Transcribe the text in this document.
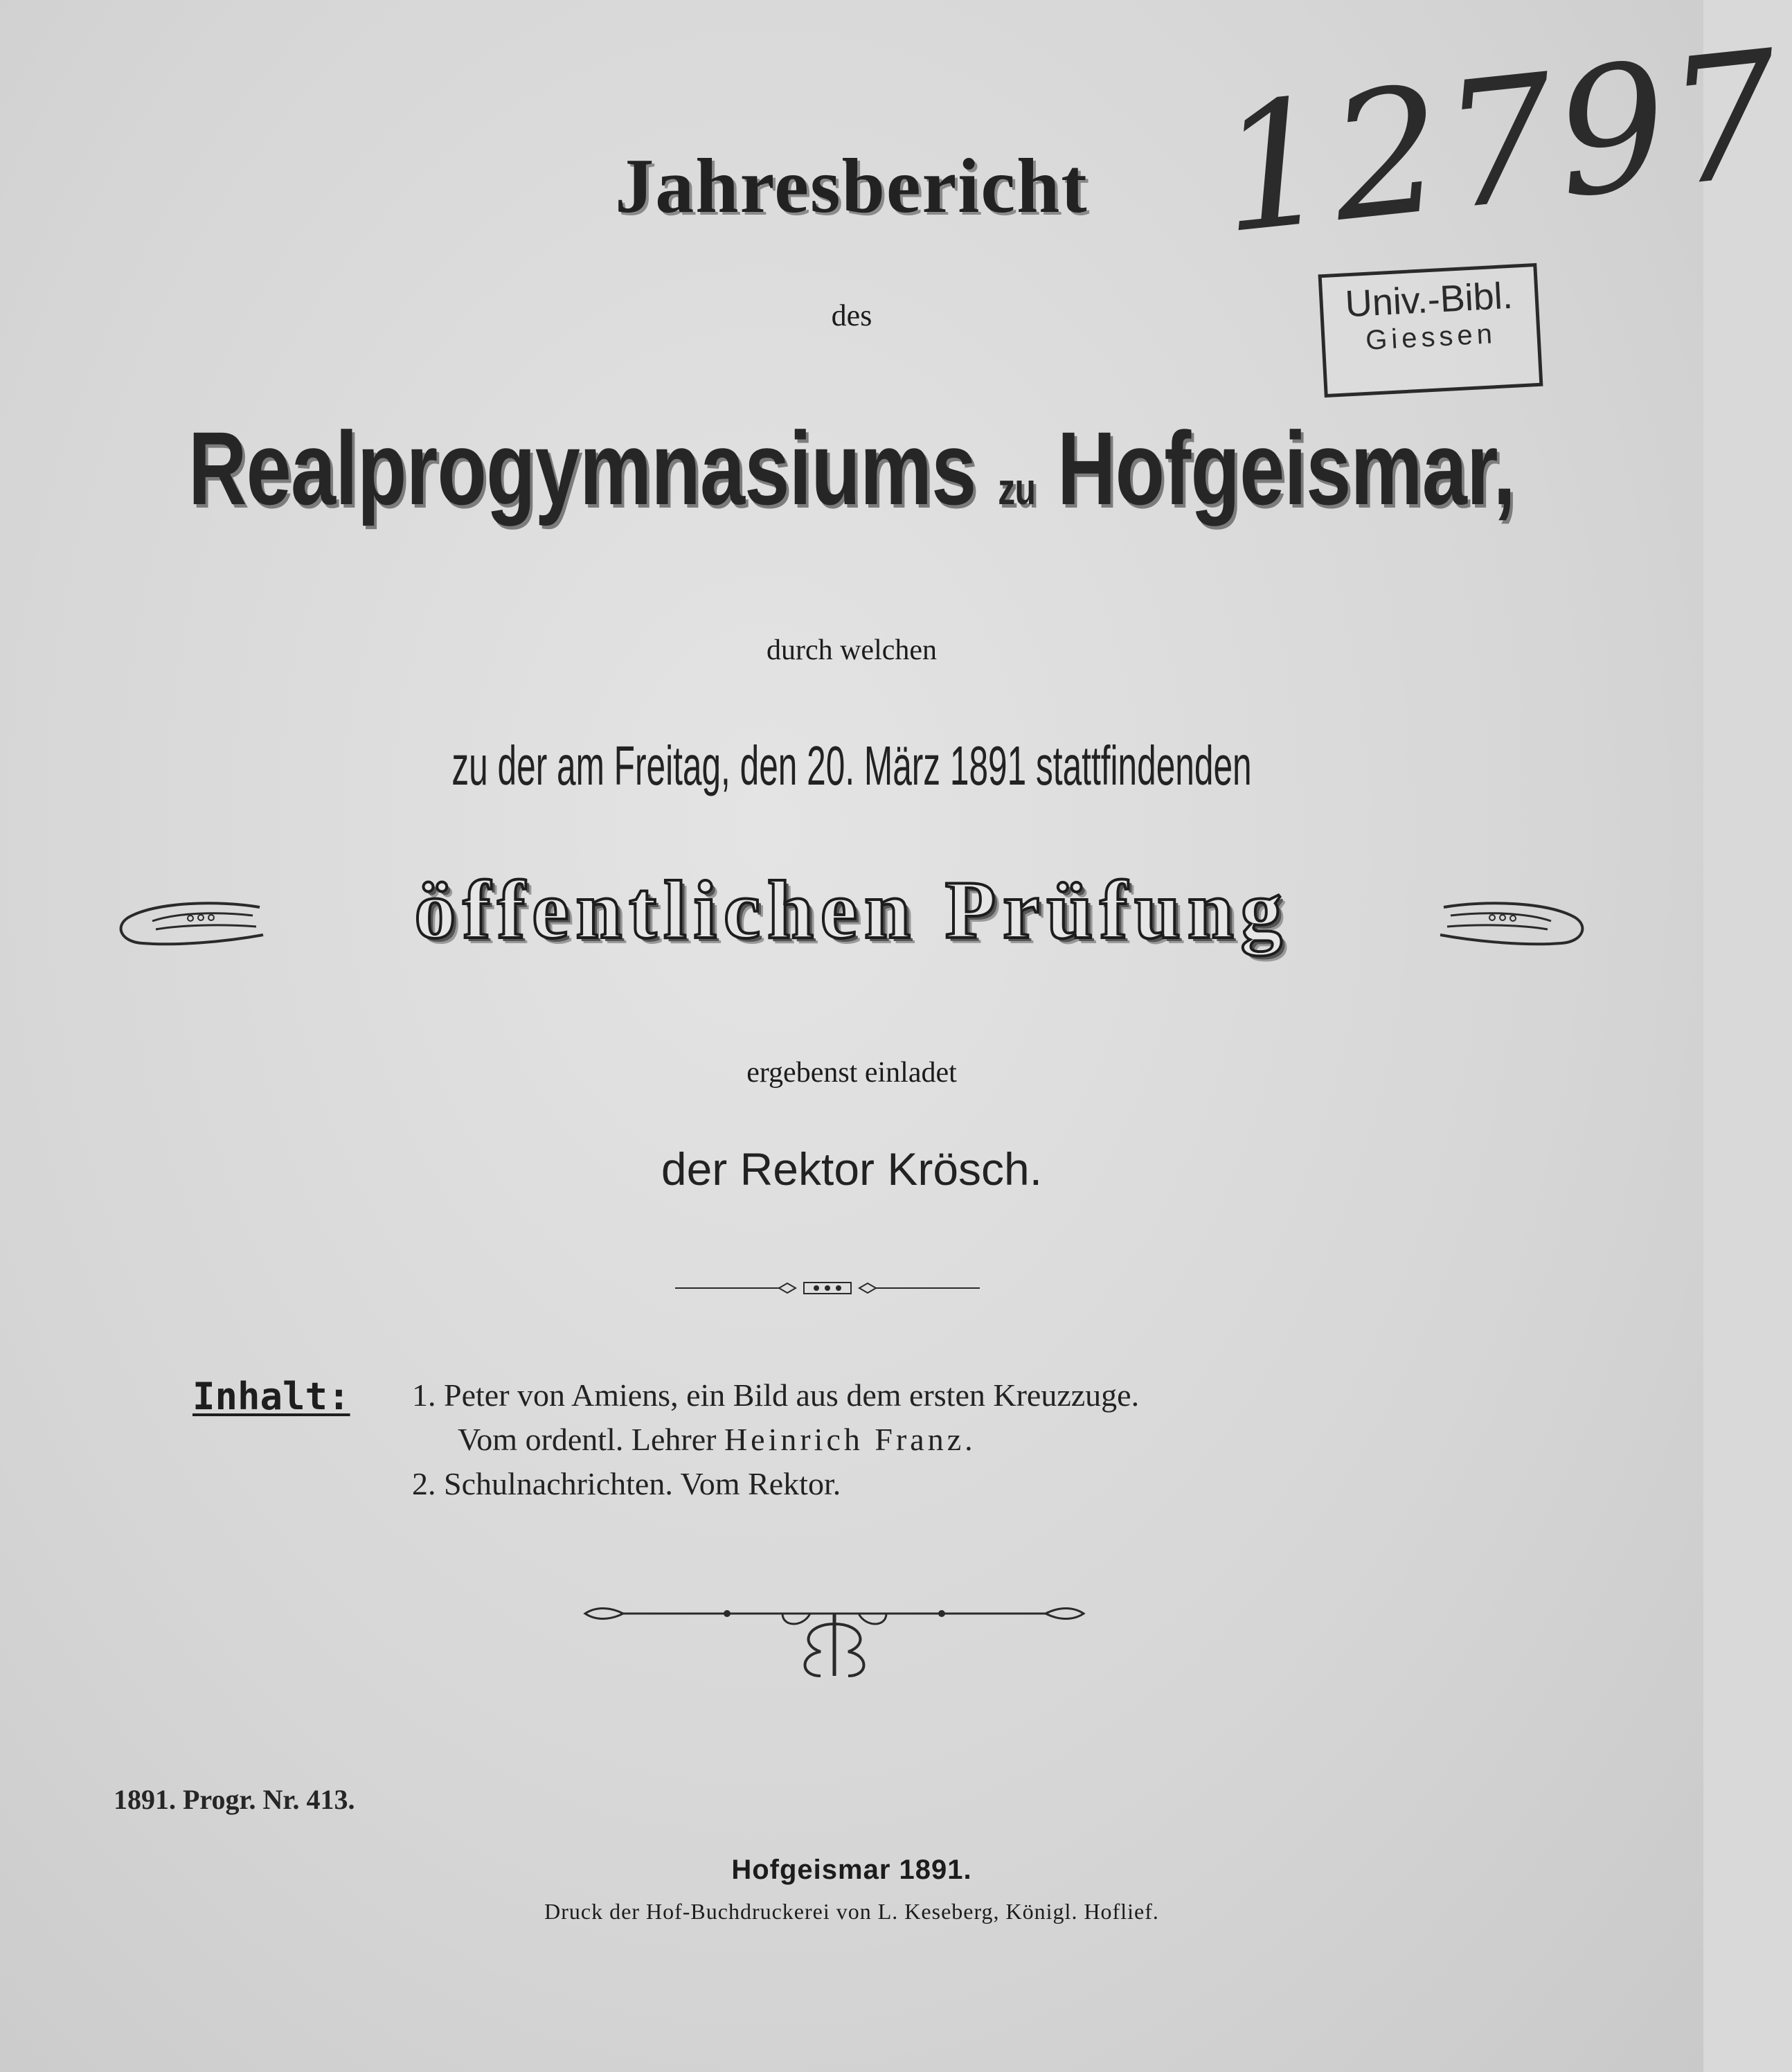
12797
Univ.-Bibl.
Giessen
Jahresbericht
des
Realprogymnasiums zu Hofgeismar,
durch welchen
zu der am Freitag, den 20. März 1891 stattfindenden
öffentlichen Prüfung
ergebenst einladet
der Rektor Krösch.
Inhalt: 1. Peter von Amiens, ein Bild aus dem ersten Kreuzzuge.
Vom ordentl. Lehrer Heinrich Franz.
2. Schulnachrichten. Vom Rektor.
1891. Progr. Nr. 413.
Hofgeismar 1891.
Druck der Hof-Buchdruckerei von L. Keseberg, Königl. Hoflief.
